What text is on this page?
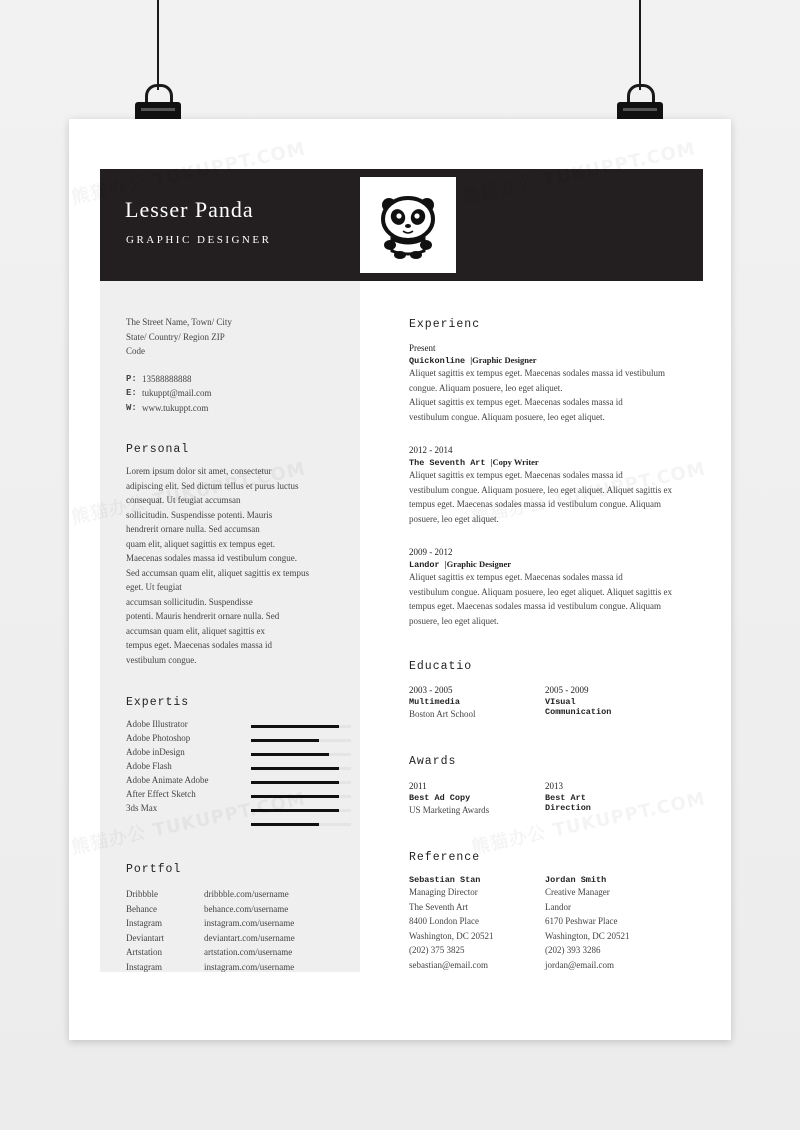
Lesser Panda
GRAPHIC DESIGNER
The Street Name, Town/ City
State/ Country/ Region ZIP
Code
P: 13588888888
E: tukuppt@mail.com
W: www.tukuppt.com
Personal
Lorem ipsum dolor sit amet, consectetur
adipiscing elit. Sed dictum tellus et purus luctus
consequat. Ut feugiat accumsan
sollicitudin. Suspendisse potenti. Mauris
hendrerit ornare nulla. Sed accumsan
quam elit, aliquet sagittis ex tempus eget.
Maecenas sodales massa id vestibulum congue.
Sed accumsan quam elit, aliquet sagittis ex tempus
eget. Ut feugiat
accumsan sollicitudin. Suspendisse
potenti. Mauris hendrerit ornare nulla. Sed
accumsan quam elit, aliquet sagittis ex
tempus eget. Maecenas sodales massa id
vestibulum congue.
Expertis
Adobe Illustrator
Adobe Photoshop
Adobe inDesign
Adobe Flash
Adobe Animate Adobe
After Effect Sketch
3ds Max
Portfol
Dribbble	dribbble.com/username
Behance	behance.com/username
Instagram	instagram.com/username
Deviantart	deviantart.com/username
Artstation	artstation.com/username
Instagram	instagram.com/username
Experienc
Present
Quickonline |Graphic Designer
Aliquet sagittis ex tempus eget. Maecenas sodales massa id vestibulum
congue. Aliquam posuere, leo eget aliquet.
Aliquet sagittis ex tempus eget. Maecenas sodales massa id
vestibulum congue. Aliquam posuere, leo eget aliquet.
2012 - 2014
The Seventh Art |Copy Writer
Aliquet sagittis ex tempus eget. Maecenas sodales massa id
vestibulum congue. Aliquam posuere, leo eget aliquet. Aliquet sagittis ex
tempus eget. Maecenas sodales massa id vestibulum congue. Aliquam
posuere, leo eget aliquet.
2009 - 2012
Landor |Graphic Designer
Aliquet sagittis ex tempus eget. Maecenas sodales massa id
vestibulum congue. Aliquam posuere, leo eget aliquet. Aliquet sagittis ex
tempus eget. Maecenas sodales massa id vestibulum congue. Aliquam
posuere, leo eget aliquet.
Educatio
2003 - 2005
Multimedia
Boston Art School
2005 - 2009
VIsual
Communication
Awards
2011
Best Ad Copy
US Marketing Awards
2013
Best Art
Direction
Reference
Sebastian Stan
Managing Director
The Seventh Art
8400 London Place
Washington, DC 20521
(202) 375 3825
sebastian@email.com
Jordan Smith
Creative Manager
Landor
6170 Peshwar Place
Washington, DC 20521
(202) 393 3286
jordan@email.com
